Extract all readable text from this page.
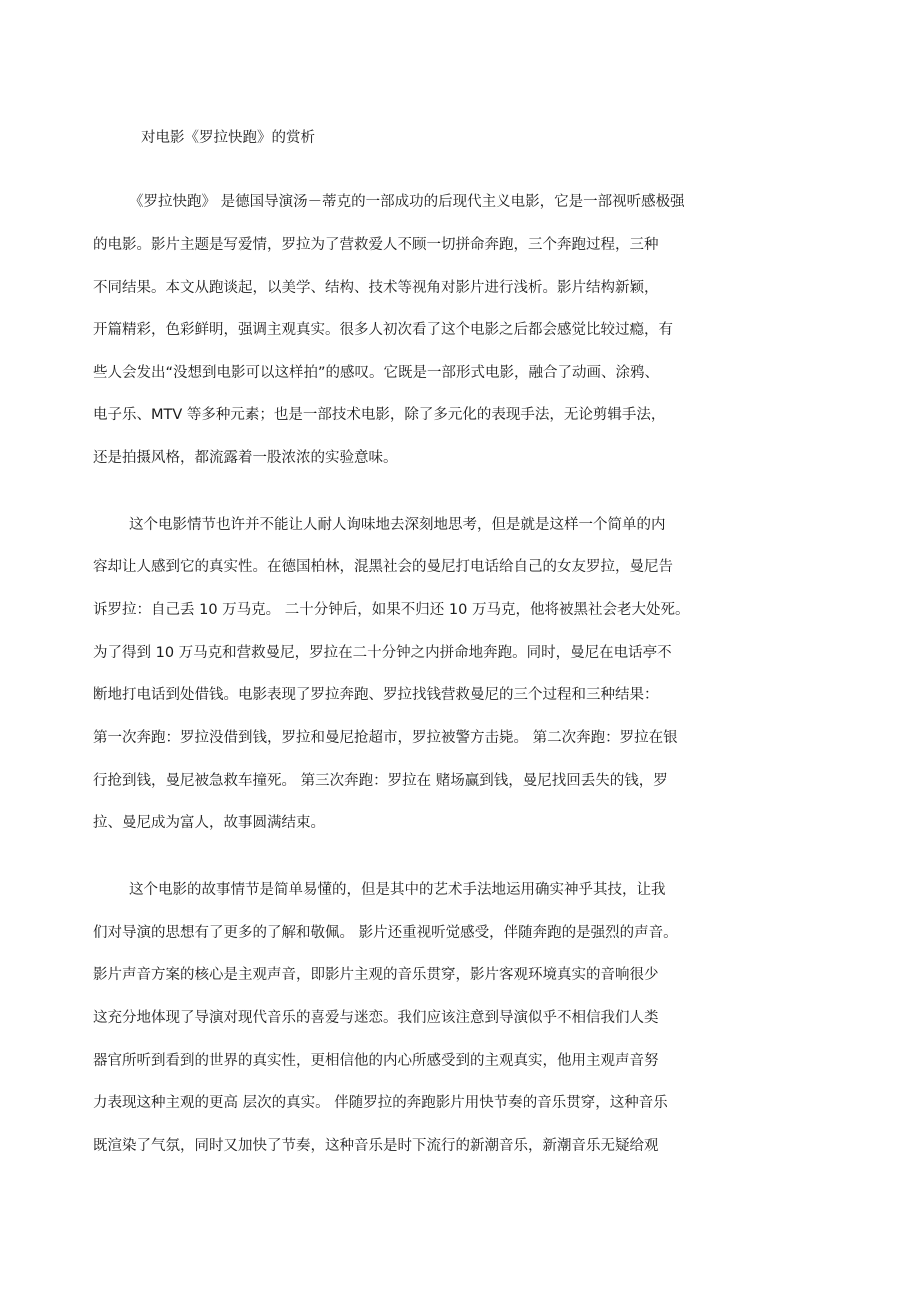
对电影《罗拉快跑》的赏析
《罗拉快跑》 是德国导演汤－蒂克的一部成功的后现代主义电影，它是一部视听感极强
的电影。影片主题是写爱情，罗拉为了营救爱人不顾一切拼命奔跑，三个奔跑过程，三种
不同结果。本文从跑谈起，以美学、结构、技术等视角对影片进行浅析。影片结构新颖，
开篇精彩，色彩鲜明，强调主观真实。很多人初次看了这个电影之后都会感觉比较过瘾，有
些人会发出“没想到电影可以这样拍”的感叹。它既是一部形式电影，融合了动画、涂鸦、
电子乐、MTV 等多种元素；也是一部技术电影，除了多元化的表现手法，无论剪辑手法，
还是拍摄风格，都流露着一股浓浓的实验意味。
这个电影情节也许并不能让人耐人询味地去深刻地思考，但是就是这样一个简单的内
容却让人感到它的真实性。在德国柏林，混黑社会的曼尼打电话给自己的女友罗拉，曼尼告
诉罗拉：自己丢 10 万马克。 二十分钟后，如果不归还 10 万马克，他将被黑社会老大处死。
为了得到 10 万马克和营救曼尼，罗拉在二十分钟之内拼命地奔跑。同时，曼尼在电话亭不
断地打电话到处借钱。电影表现了罗拉奔跑、罗拉找钱营救曼尼的三个过程和三种结果：
第一次奔跑：罗拉没借到钱，罗拉和曼尼抢超市，罗拉被警方击毙。 第二次奔跑：罗拉在银
行抢到钱，曼尼被急救车撞死。 第三次奔跑：罗拉在 赌场赢到钱，曼尼找回丢失的钱，罗
拉、曼尼成为富人，故事圆满结束。
这个电影的故事情节是简单易懂的，但是其中的艺术手法地运用确实神乎其技，让我
们对导演的思想有了更多的了解和敬佩。 影片还重视听觉感受，伴随奔跑的是强烈的声音。
影片声音方案的核心是主观声音，即影片主观的音乐贯穿，影片客观环境真实的音响很少
这充分地体现了导演对现代音乐的喜爱与迷恋。我们应该注意到导演似乎不相信我们人类
器官所听到看到的世界的真实性，更相信他的内心所感受到的主观真实，他用主观声音努
力表现这种主观的更高 层次的真实。 伴随罗拉的奔跑影片用快节奏的音乐贯穿，这种音乐
既渲染了气氛，同时又加快了节奏，这种音乐是时下流行的新潮音乐，新潮音乐无疑给观
